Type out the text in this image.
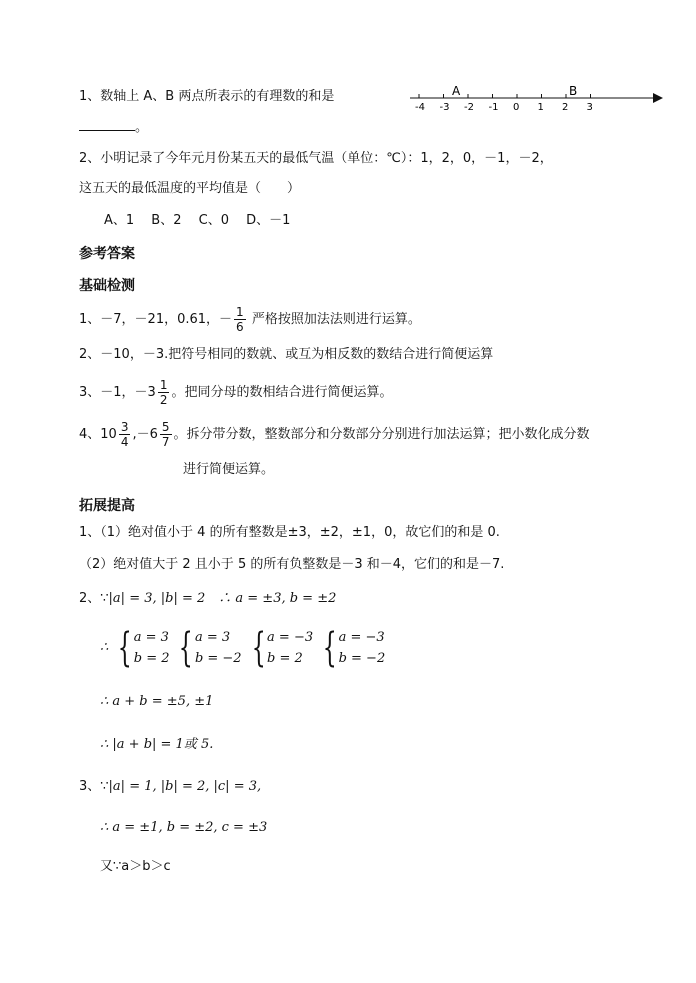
1、数轴上 A、B 两点所表示的有理数的和是
-4 -3 -2 -1 0 1 2 3
A	B
。
2、小明记录了今年元月份某五天的最低气温（单位：℃）：1，2，0，－1，－2，
这五天的最低温度的平均值是（　　）
A、1　 B、2　 C、0　 D、－1
参考答案
基础检测
1、－7，－21，0.61，－ $\frac{1}{6}$ 严格按照加法法则进行运算。
2、－10，－3.把符号相同的数就、或互为相反数的数结合进行简便运算
3、－1，$-3 \frac{1}{2}$ 。把同分母的数相结合进行简便运算。
4、$10 \frac{3}{4} ,-6 \frac{5}{7}$ 。拆分带分数，整数部分和分数部分分别进行加法运算；把小数化成分数
进行简便运算。
拓展提高
1、（1）绝对值小于 4 的所有整数是±3，±2，±1，0，故它们的和是 0.
（2）绝对值大于 2 且小于 5 的所有负整数是－3 和－4，它们的和是－7.
2、∵|a| = 3, |b| = 2　∴ a = ±3, b = ±2
∴ { a = 3
b = 2 { a = 3
b = −2 { a = −3
b = 2 { a = −3
b = −2
∴ a + b = ±5, ±1
∴ |a + b| = 1或 5.
3、∵|a| = 1, |b| = 2, |c| = 3,
∴ a = ±1, b = ±2, c = ±3
又∵a＞b＞c
